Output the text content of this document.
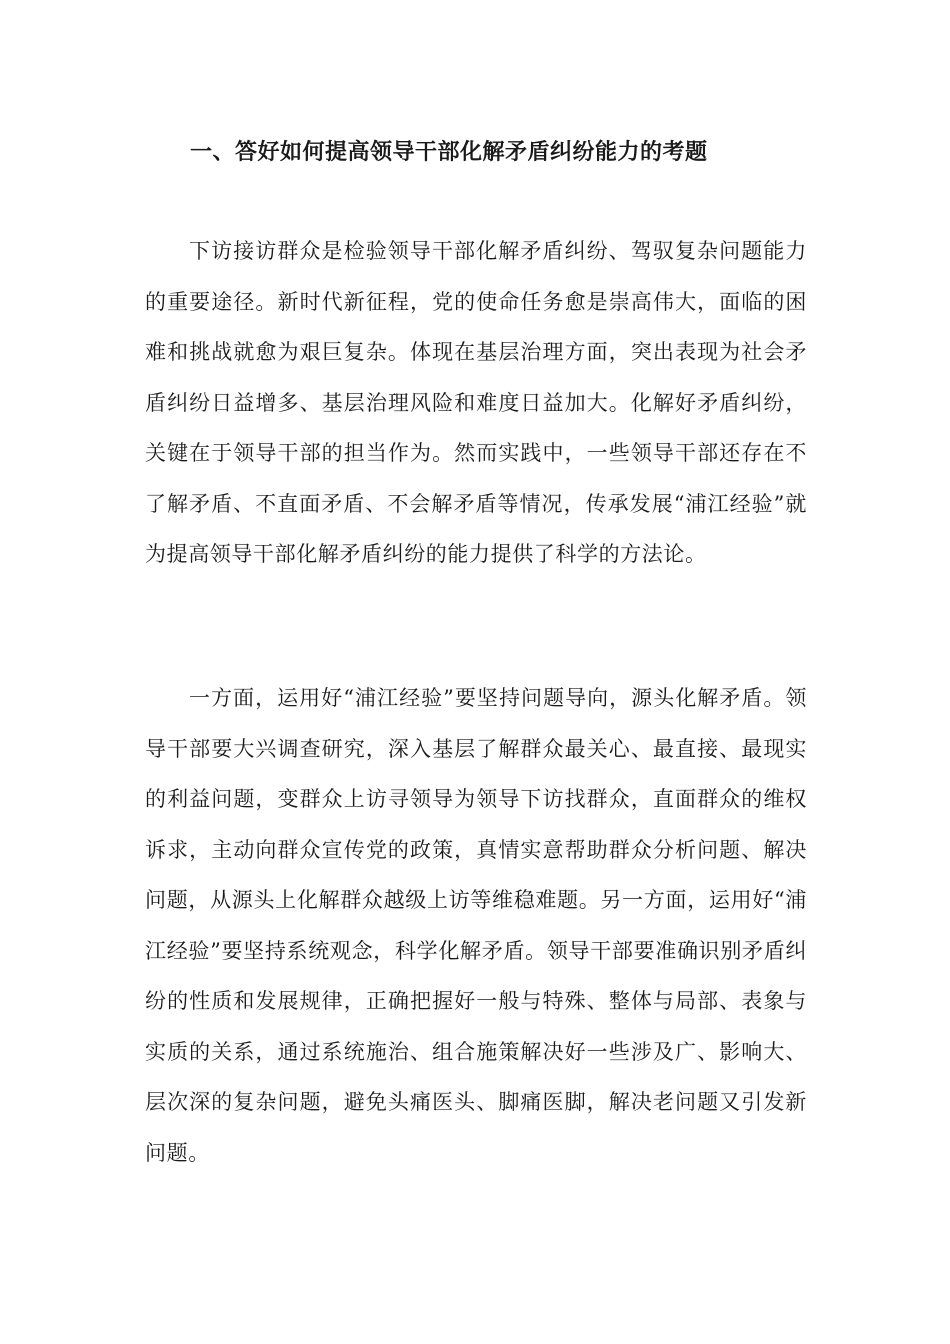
一、答好如何提高领导干部化解矛盾纠纷能力的考题

下访接访群众是检验领导干部化解矛盾纠纷、驾驭复杂问题能力的重要途径。新时代新征程，党的使命任务愈是崇高伟大，面临的困难和挑战就愈为艰巨复杂。体现在基层治理方面，突出表现为社会矛盾纠纷日益增多、基层治理风险和难度日益加大。化解好矛盾纠纷，关键在于领导干部的担当作为。然而实践中，一些领导干部还存在不了解矛盾、不直面矛盾、不会解矛盾等情况，传承发展“浦江经验”就为提高领导干部化解矛盾纠纷的能力提供了科学的方法论。

一方面，运用好“浦江经验”要坚持问题导向，源头化解矛盾。领导干部要大兴调查研究，深入基层了解群众最关心、最直接、最现实的利益问题，变群众上访寻领导为领导下访找群众，直面群众的维权诉求，主动向群众宣传党的政策，真情实意帮助群众分析问题、解决问题，从源头上化解群众越级上访等维稳难题。另一方面，运用好“浦江经验”要坚持系统观念，科学化解矛盾。领导干部要准确识别矛盾纠纷的性质和发展规律，正确把握好一般与特殊、整体与局部、表象与实质的关系，通过系统施治、组合施策解决好一些涉及广、影响大、层次深的复杂问题，避免头痛医头、脚痛医脚，解决老问题又引发新问题。
